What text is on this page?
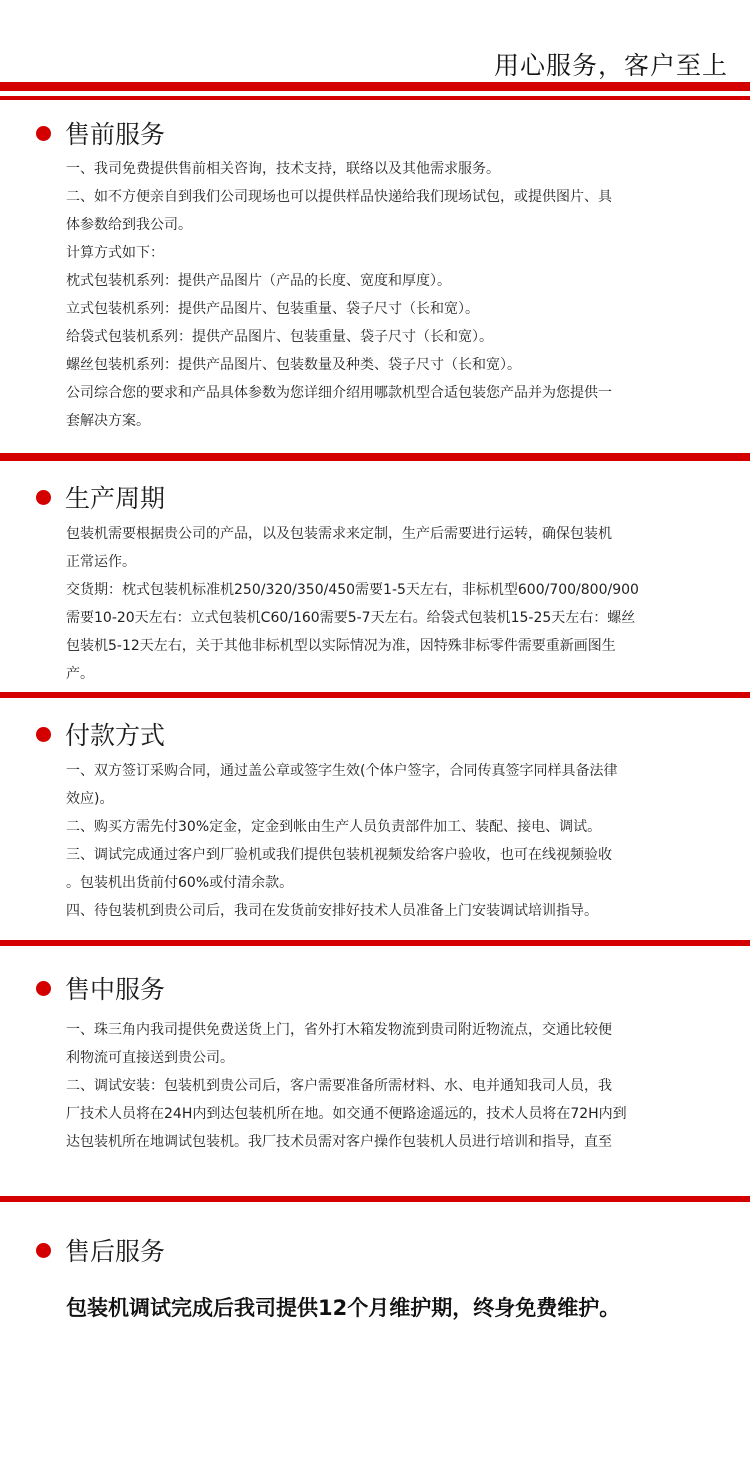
用心服务，客户至上
售前服务

一、我司免费提供售前相关咨询，技术支持，联络以及其他需求服务。

二、如不方便亲自到我们公司现场也可以提供样品快递给我们现场试包，或提供图片、具

体参数给到我公司。

计算方式如下：

枕式包装机系列：提供产品图片（产品的长度、宽度和厚度）。

立式包装机系列：提供产品图片、包装重量、袋子尺寸（长和宽）。

给袋式包装机系列：提供产品图片、包装重量、袋子尺寸（长和宽）。

螺丝包装机系列：提供产品图片、包装数量及种类、袋子尺寸（长和宽）。

公司综合您的要求和产品具体参数为您详细介绍用哪款机型合适包装您产品并为您提供一

套解决方案。

生产周期

包装机需要根据贵公司的产品，以及包装需求来定制，生产后需要进行运转，确保包装机

正常运作。

交货期：枕式包装机标准机250/320/350/450需要1-5天左右，非标机型600/700/800/900

需要10-20天左右：立式包装机C60/160需要5-7天左右。给袋式包装机15-25天左右：螺丝

包装机5-12天左右，关于其他非标机型以实际情况为准，因特殊非标零件需要重新画图生

产。

付款方式

一、双方签订采购合同，通过盖公章或签字生效(个体户签字，合同传真签字同样具备法律

效应)。

二、购买方需先付30%定金，定金到帐由生产人员负责部件加工、装配、接电、调试。

三、调试完成通过客户到厂验机或我们提供包装机视频发给客户验收，也可在线视频验收

。包装机出货前付60%或付清余款。

四、待包装机到贵公司后，我司在发货前安排好技术人员准备上门安装调试培训指导。

售中服务

一、珠三角内我司提供免费送货上门，省外打木箱发物流到贵司附近物流点，交通比较便

利物流可直接送到贵公司。

二、调试安装：包装机到贵公司后，客户需要准备所需材料、水、电并通知我司人员，我

厂技术人员将在24H内到达包装机所在地。如交通不便路途遥远的，技术人员将在72H内到

达包装机所在地调试包装机。我厂技术员需对客户操作包装机人员进行培训和指导，直至

售后服务
包装机调试完成后我司提供12个月维护期，终身免费维护。
